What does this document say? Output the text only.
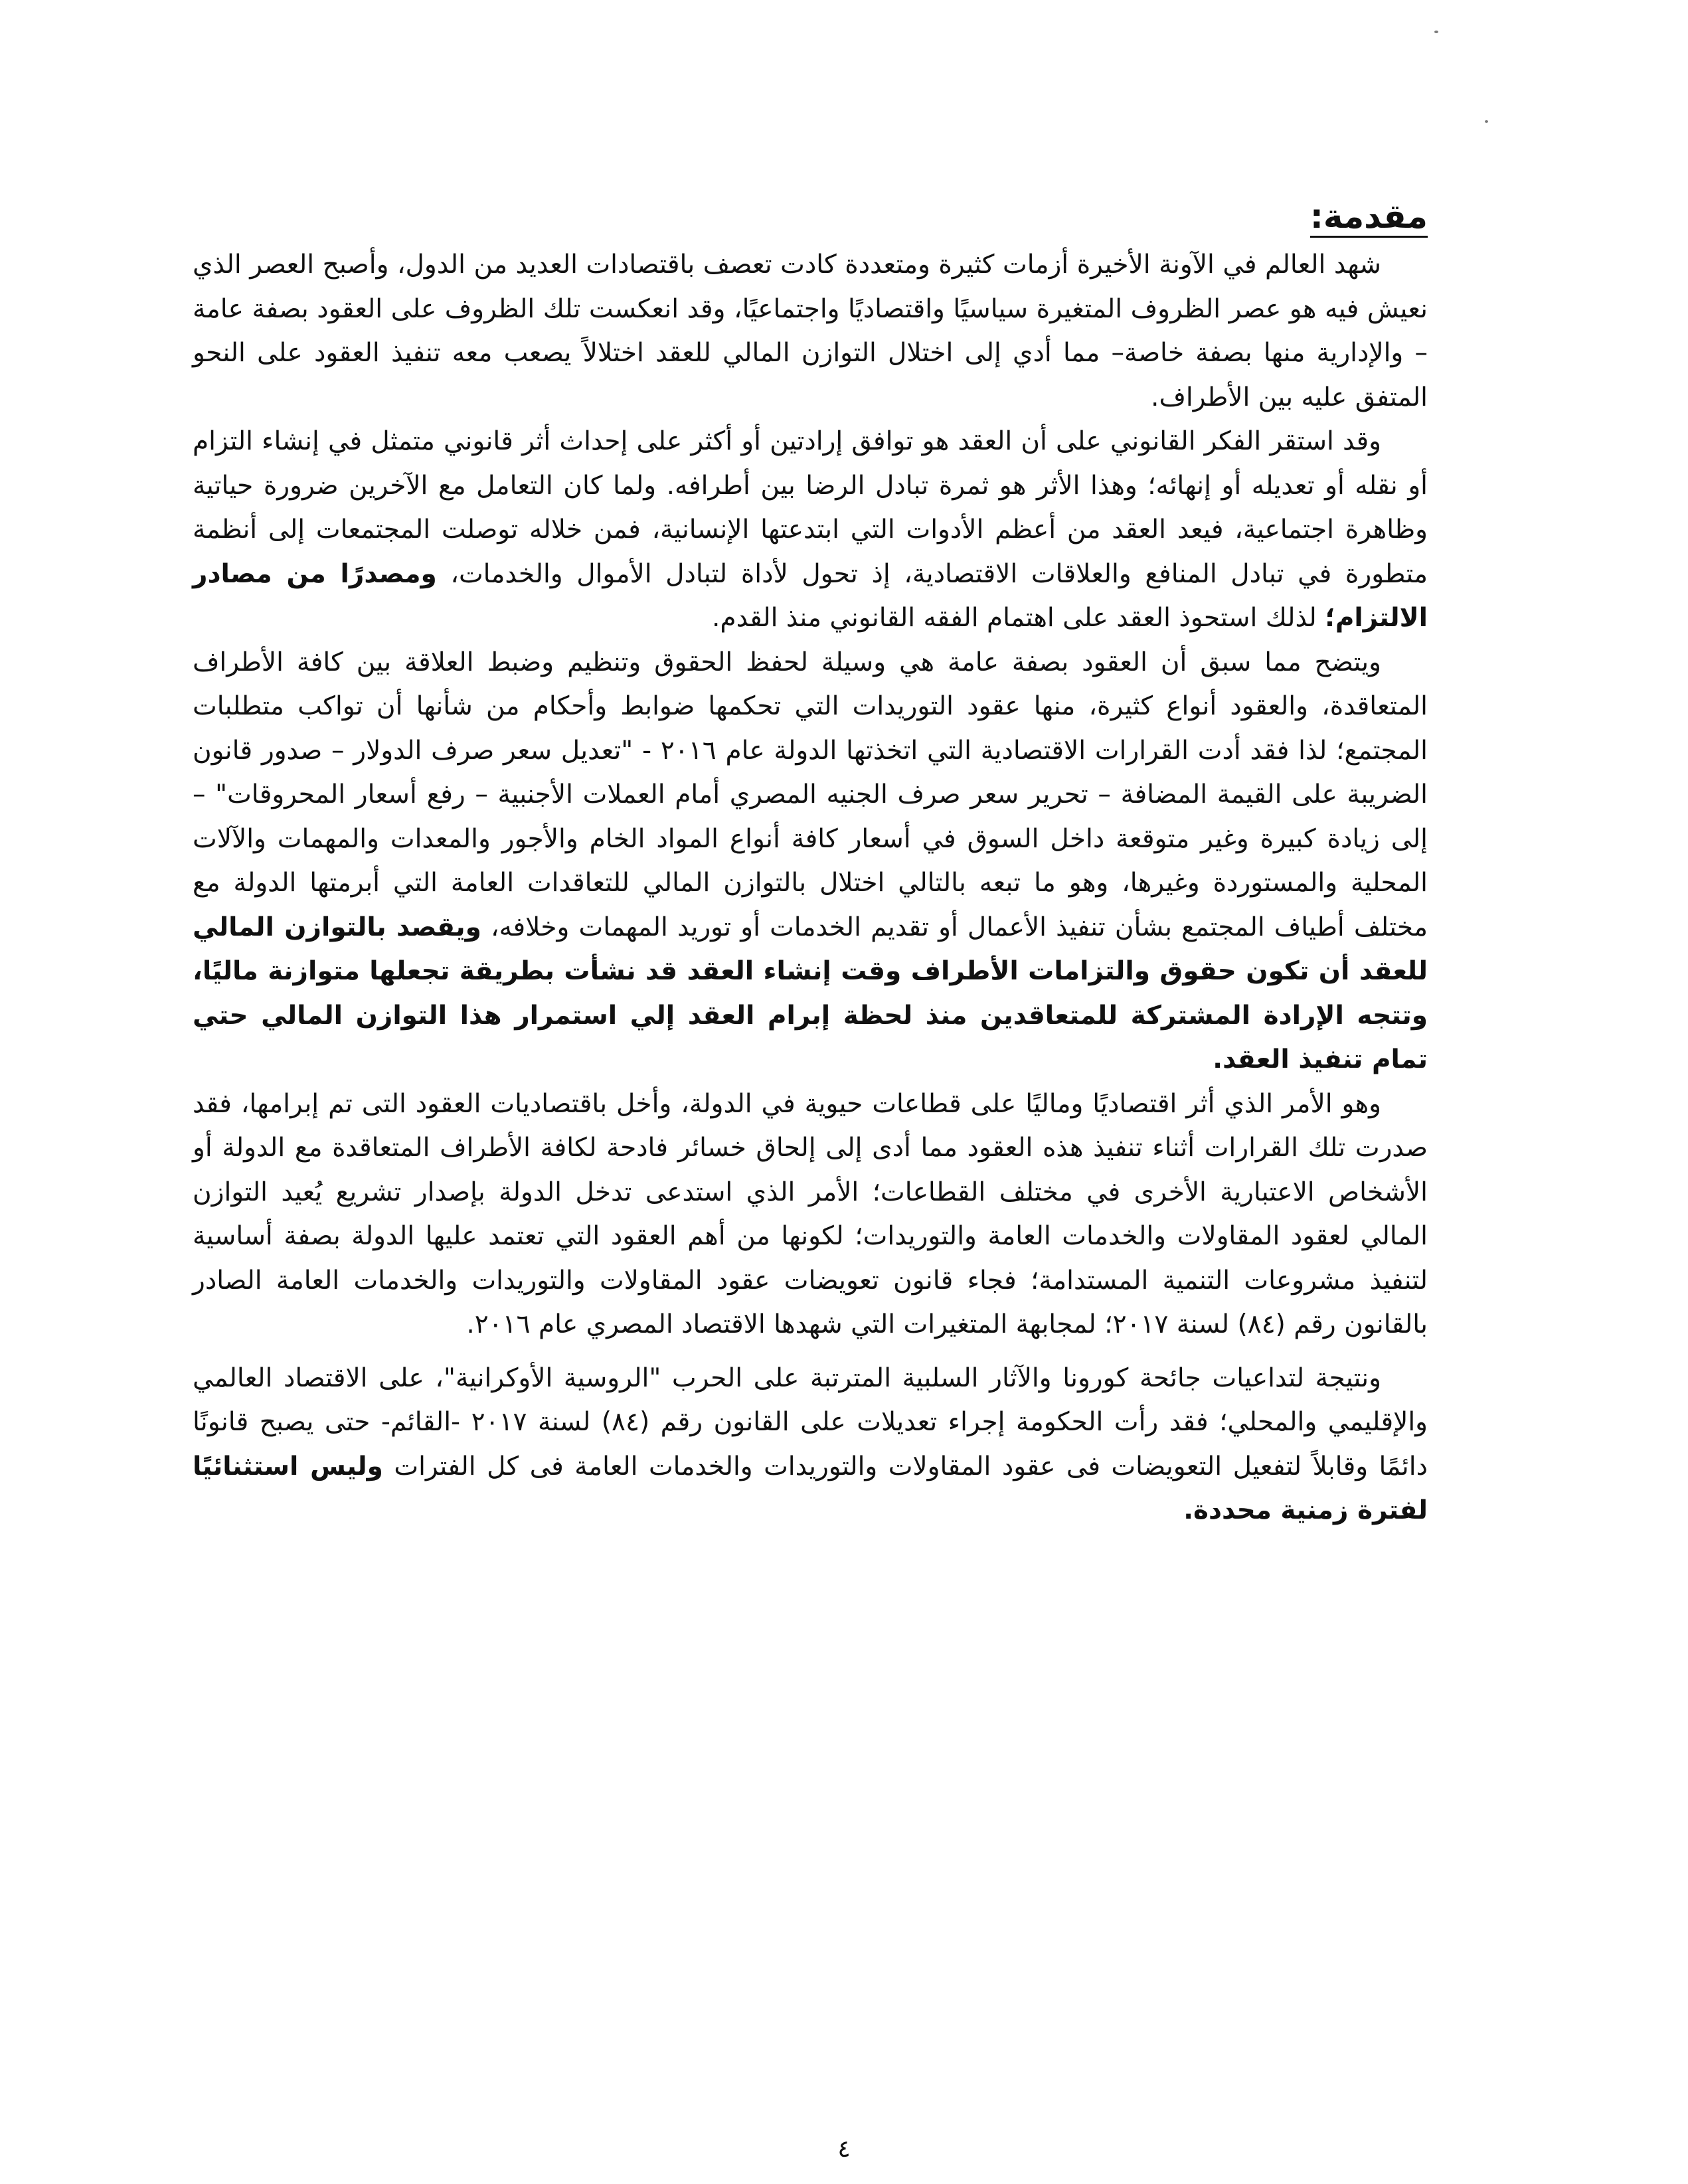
مقدمة:

شهد العالم في الآونة الأخيرة أزمات كثيرة ومتعددة كادت تعصف باقتصادات العديد من الدول، وأصبح العصر الذي نعيش فيه هو عصر الظروف المتغيرة سياسيًا واقتصاديًا واجتماعيًا، وقد انعكست تلك الظروف على العقود بصفة عامة – والإدارية منها بصفة خاصة– مما أدي إلى اختلال التوازن المالي للعقد اختلالاً يصعب معه تنفيذ العقود على النحو المتفق عليه بين الأطراف.

وقد استقر الفكر القانوني على أن العقد هو توافق إرادتين أو أكثر على إحداث أثر قانوني متمثل في إنشاء التزام أو نقله أو تعديله أو إنهائه؛ وهذا الأثر هو ثمرة تبادل الرضا بين أطرافه. ولما كان التعامل مع الآخرين ضرورة حياتية وظاهرة اجتماعية، فيعد العقد من أعظم الأدوات التي ابتدعتها الإنسانية، فمن خلاله توصلت المجتمعات إلى أنظمة متطورة في تبادل المنافع والعلاقات الاقتصادية، إذ تحول لأداة لتبادل الأموال والخدمات، ومصدرًا من مصادر الالتزام؛ لذلك استحوذ العقد على اهتمام الفقه القانوني منذ القدم.

ويتضح مما سبق أن العقود بصفة عامة هي وسيلة لحفظ الحقوق وتنظيم وضبط العلاقة بين كافة الأطراف المتعاقدة، والعقود أنواع كثيرة، منها عقود التوريدات التي تحكمها ضوابط وأحكام من شأنها أن تواكب متطلبات المجتمع؛ لذا فقد أدت القرارات الاقتصادية التي اتخذتها الدولة عام ٢٠١٦ - "تعديل سعر صرف الدولار – صدور قانون الضريبة على القيمة المضافة – تحرير سعر صرف الجنيه المصري أمام العملات الأجنبية – رفع أسعار المحروقات" – إلى زيادة كبيرة وغير متوقعة داخل السوق في أسعار كافة أنواع المواد الخام والأجور والمعدات والمهمات والآلات المحلية والمستوردة وغيرها، وهو ما تبعه بالتالي اختلال بالتوازن المالي للتعاقدات العامة التي أبرمتها الدولة مع مختلف أطياف المجتمع بشأن تنفيذ الأعمال أو تقديم الخدمات أو توريد المهمات وخلافه، ويقصد بالتوازن المالي للعقد أن تكون حقوق والتزامات الأطراف وقت إنشاء العقد قد نشأت بطريقة تجعلها متوازنة ماليًا، وتتجه الإرادة المشتركة للمتعاقدين منذ لحظة إبرام العقد إلي استمرار هذا التوازن المالي حتي تمام تنفيذ العقد.

وهو الأمر الذي أثر اقتصاديًا وماليًا على قطاعات حيوية في الدولة، وأخل باقتصاديات العقود التى تم إبرامها، فقد صدرت تلك القرارات أثناء تنفيذ هذه العقود مما أدى إلى إلحاق خسائر فادحة لكافة الأطراف المتعاقدة مع الدولة أو الأشخاص الاعتبارية الأخرى في مختلف القطاعات؛ الأمر الذي استدعى تدخل الدولة بإصدار تشريع يُعيد التوازن المالي لعقود المقاولات والخدمات العامة والتوريدات؛ لكونها من أهم العقود التي تعتمد عليها الدولة بصفة أساسية لتنفيذ مشروعات التنمية المستدامة؛ فجاء قانون تعويضات عقود المقاولات والتوريدات والخدمات العامة الصادر بالقانون رقم (٨٤) لسنة ٢٠١٧؛ لمجابهة المتغيرات التي شهدها الاقتصاد المصري عام ٢٠١٦.

ونتيجة لتداعيات جائحة كورونا والآثار السلبية المترتبة على الحرب "الروسية الأوكرانية"، على الاقتصاد العالمي والإقليمي والمحلي؛ فقد رأت الحكومة إجراء تعديلات على القانون رقم (٨٤) لسنة ٢٠١٧ -القائم- حتى يصبح قانونًا دائمًا وقابلاً لتفعيل التعويضات فى عقود المقاولات والتوريدات والخدمات العامة فى كل الفترات وليس استثنائيًا لفترة زمنية محددة.

٤
